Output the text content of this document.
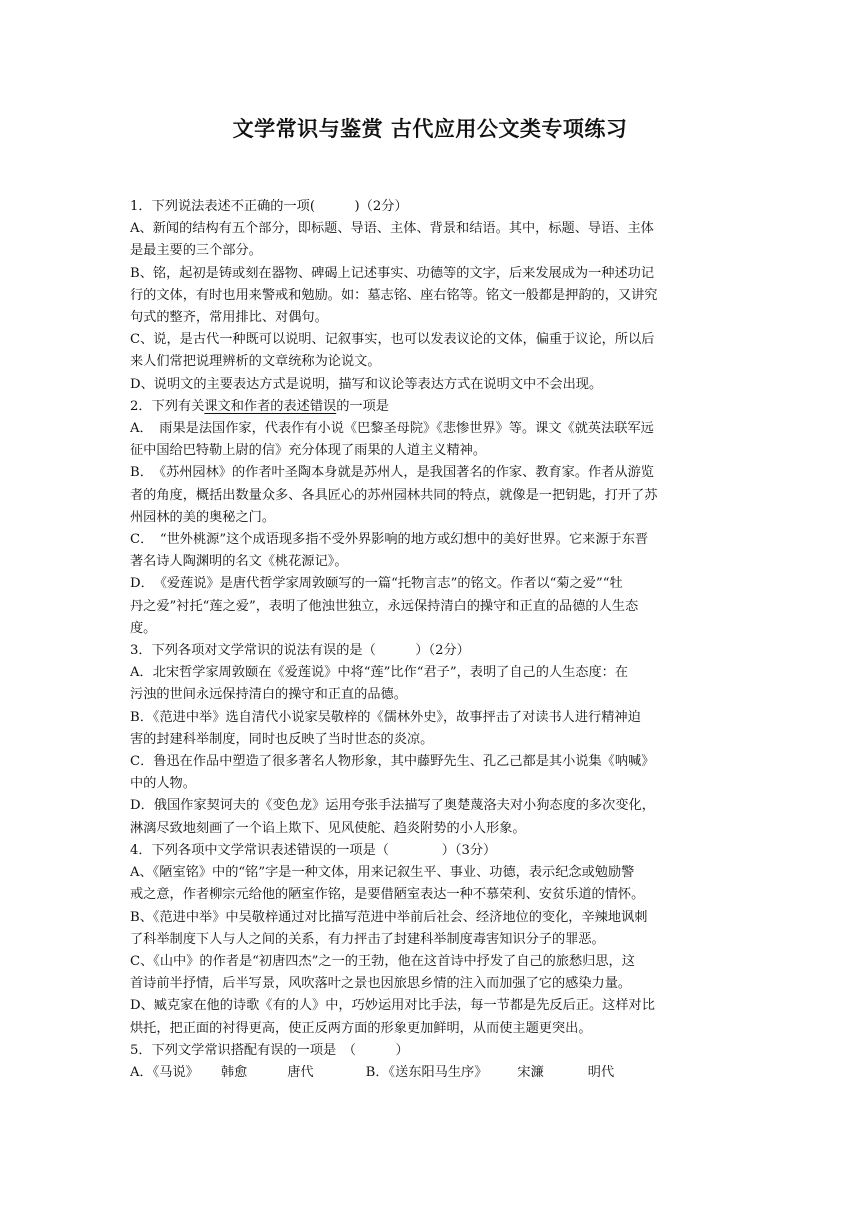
文学常识与鉴赏 古代应用公文类专项练习
1．下列说法表述不正确的一项(　　　)（2分）
A、新闻的结构有五个部分，即标题、导语、主体、背景和结语。其中，标题、导语、主体
是最主要的三个部分。
B、铭，起初是铸或刻在器物、碑碣上记述事实、功德等的文字，后来发展成为一种述功记
行的文体，有时也用来警戒和勉励。如：墓志铭、座右铭等。铭文一般都是押韵的，又讲究
句式的整齐，常用排比、对偶句。
C、说，是古代一种既可以说明、记叙事实，也可以发表议论的文体，偏重于议论，所以后
来人们常把说理辨析的文章统称为论说文。
D、说明文的主要表达方式是说明，描写和议论等表达方式在说明文中不会出现。
2．下列有关课文和作者的表述错误的一项是
A．　雨果是法国作家，代表作有小说《巴黎圣母院》《悲惨世界》等。课文《就英法联军远
征中国给巴特勒上尉的信》充分体现了雨果的人道主义精神。
B．　《苏州园林》的作者叶圣陶本身就是苏州人，是我国著名的作家、教育家。作者从游览
者的角度，概括出数量众多、各具匠心的苏州园林共同的特点，就像是一把钥匙，打开了苏
州园林的美的奥秘之门。
C．　“世外桃源”这个成语现多指不受外界影响的地方或幻想中的美好世界。它来源于东晋
著名诗人陶渊明的名文《桃花源记》。
D．　《爱莲说》是唐代哲学家周敦颐写的一篇“托物言志”的铭文。作者以“菊之爱”“牡
丹之爱”衬托“莲之爱”，表明了他浊世独立，永远保持清白的操守和正直的品德的人生态
度。
3．下列各项对文学常识的说法有误的是（　　　）（2分）
A．北宋哲学家周敦颐在《爱莲说》中将“莲”比作“君子”，表明了自己的人生态度：在
污浊的世间永远保持清白的操守和正直的品德。
B．《范进中举》选自清代小说家吴敬梓的《儒林外史》，故事抨击了对读书人进行精神迫
害的封建科举制度，同时也反映了当时世态的炎凉。
C．鲁迅在作品中塑造了很多著名人物形象，其中藤野先生、孔乙己都是其小说集《呐喊》
中的人物。
D．俄国作家契诃夫的《变色龙》运用夸张手法描写了奥楚蔑洛夫对小狗态度的多次变化，
淋漓尽致地刻画了一个谄上欺下、见风使舵、趋炎附势的小人形象。
4．下列各项中文学常识表述错误的一项是（　　　　）（3分）
A、《陋室铭》中的“铭”字是一种文体，用来记叙生平、事业、功德，表示纪念或勉励警
戒之意，作者柳宗元给他的陋室作铭，是要借陋室表达一种不慕荣利、安贫乐道的情怀。
B、《范进中举》中吴敬梓通过对比描写范进中举前后社会、经济地位的变化，辛辣地讽刺
了科举制度下人与人之间的关系，有力抨击了封建科举制度毒害知识分子的罪恶。
C、《山中》的作者是“初唐四杰”之一的王勃，他在这首诗中抒发了自己的旅愁归思，这
首诗前半抒情，后半写景，风吹落叶之景也因旅思乡情的注入而加强了它的感染力量。
D、臧克家在他的诗歌《有的人》中，巧妙运用对比手法，每一节都是先反后正。这样对比
烘托，把正面的衬得更高，使正反两方面的形象更加鲜明，从而使主题更突出。
5．下列文学常识搭配有误的一项是　（　　　）
A．《马说》 韩愈	唐代	B．《送东阳马生序》 宋濂	明代
